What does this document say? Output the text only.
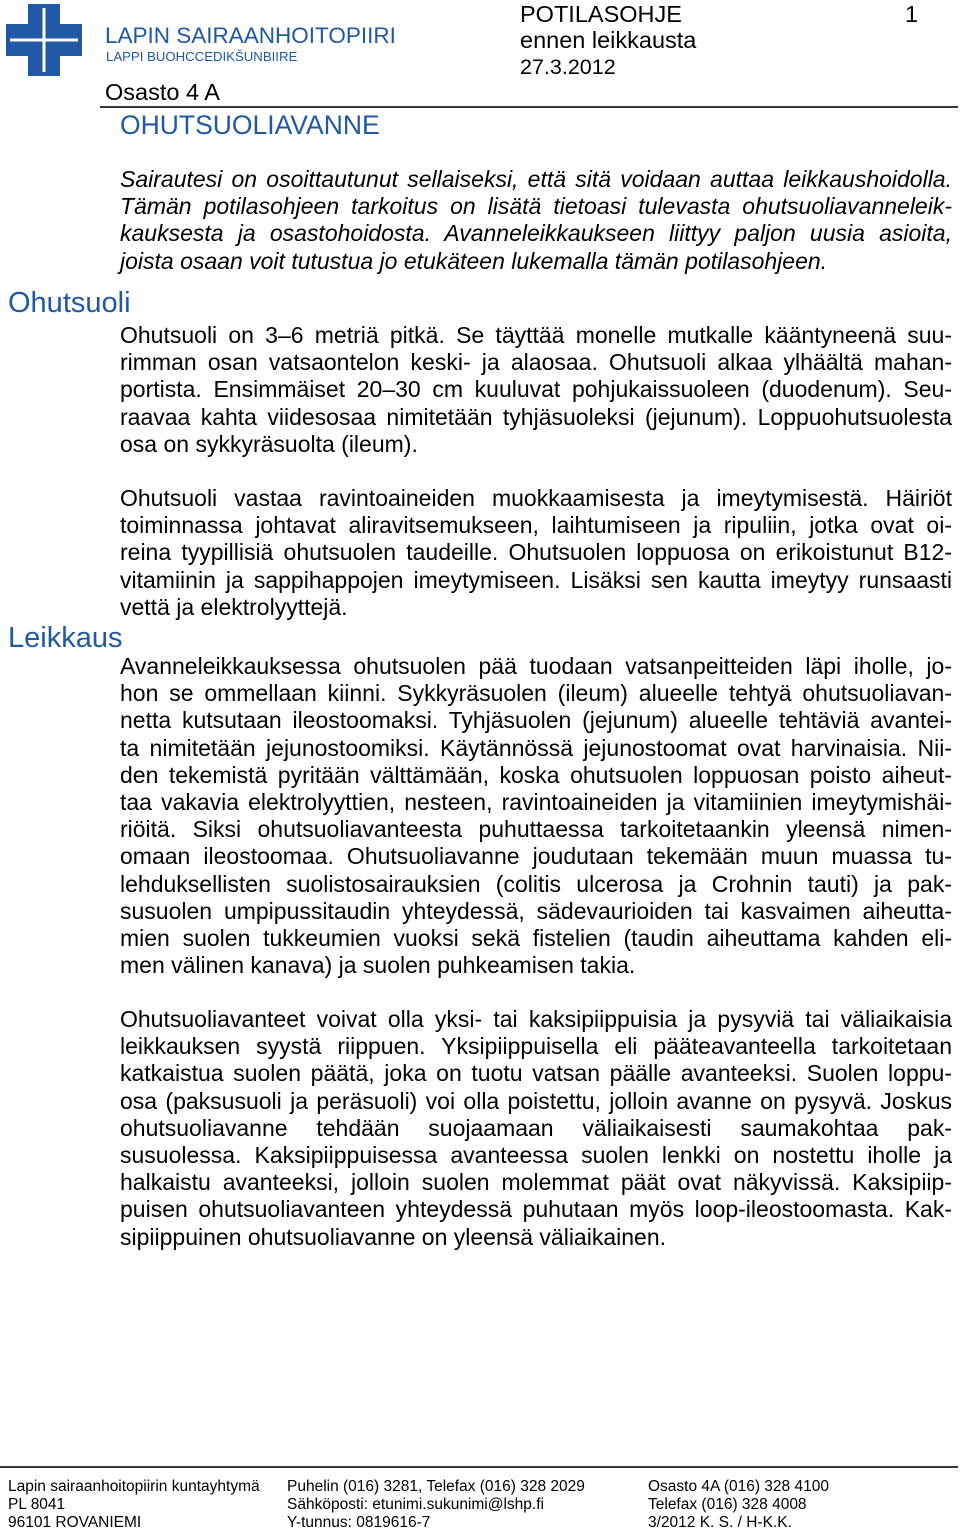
LAPIN SAIRAANHOITOPIIRI
LAPPI BUOHCCEDIKŠUNBIIRE
POTILASOHJE
ennen leikkausta
27.3.2012
1
Osasto 4 A
OHUTSUOLIAVANNE
Sairautesi on osoittautunut sellaiseksi, että sitä voidaan auttaa leikkaushoidolla.
Tämän potilasohjeen tarkoitus on lisätä tietoasi tulevasta ohutsuoliavanneleik-
kauksesta ja osastohoidosta. Avanneleikkaukseen liittyy paljon uusia asioita,
joista osaan voit tutustua jo etukäteen lukemalla tämän potilasohjeen.
Ohutsuoli
Ohutsuoli on 3–6 metriä pitkä. Se täyttää monelle mutkalle kääntyneenä suu-
rimman osan vatsaontelon keski- ja alaosaa. Ohutsuoli alkaa ylhäältä mahan-
portista. Ensimmäiset 20–30 cm kuuluvat pohjukaissuoleen (duodenum). Seu-
raavaa kahta viidesosaa nimitetään tyhjäsuoleksi (jejunum). Loppuohutsuolesta
osa on sykkyräsuolta (ileum).
Ohutsuoli vastaa ravintoaineiden muokkaamisesta ja imeytymisestä. Häiriöt
toiminnassa johtavat aliravitsemukseen, laihtumiseen ja ripuliin, jotka ovat oi-
reina tyypillisiä ohutsuolen taudeille. Ohutsuolen loppuosa on erikoistunut B12-
vitamiinin ja sappihappojen imeytymiseen. Lisäksi sen kautta imeytyy runsaasti
vettä ja elektrolyyttejä.
Leikkaus
Avanneleikkauksessa ohutsuolen pää tuodaan vatsanpeitteiden läpi iholle, jo-
hon se ommellaan kiinni. Sykkyräsuolen (ileum) alueelle tehtyä ohutsuoliavan-
netta kutsutaan ileostoomaksi. Tyhjäsuolen (jejunum) alueelle tehtäviä avantei-
ta nimitetään jejunostoomiksi. Käytännössä jejunostoomat ovat harvinaisia. Nii-
den tekemistä pyritään välttämään, koska ohutsuolen loppuosan poisto aiheut-
taa vakavia elektrolyyttien, nesteen, ravintoaineiden ja vitamiinien imeytymishäi-
riöitä. Siksi ohutsuoliavanteesta puhuttaessa tarkoitetaankin yleensä nimen-
omaan ileostoomaa. Ohutsuoliavanne joudutaan tekemään muun muassa tu-
lehduksellisten suolistosairauksien (colitis ulcerosa ja Crohnin tauti) ja pak-
susuolen umpipussitaudin yhteydessä, sädevaurioiden tai kasvaimen aiheutta-
mien suolen tukkeumien vuoksi sekä fistelien (taudin aiheuttama kahden eli-
men välinen kanava) ja suolen puhkeamisen takia.
Ohutsuoliavanteet voivat olla yksi- tai kaksipiippuisia ja pysyviä tai väliaikaisia
leikkauksen syystä riippuen. Yksipiippuisella eli pääteavanteella tarkoitetaan
katkaistua suolen päätä, joka on tuotu vatsan päälle avanteeksi. Suolen loppu-
osa (paksusuoli ja peräsuoli) voi olla poistettu, jolloin avanne on pysyvä. Joskus
ohutsuoliavanne tehdään suojaamaan väliaikaisesti saumakohtaa pak-
susuolessa. Kaksipiippuisessa avanteessa suolen lenkki on nostettu iholle ja
halkaistu avanteeksi, jolloin suolen molemmat päät ovat näkyvissä. Kaksipiip-
puisen ohutsuoliavanteen yhteydessä puhutaan myös loop-ileostoomasta. Kak-
sipiippuinen ohutsuoliavanne on yleensä väliaikainen.
Lapin sairaanhoitopiirin kuntayhtymä
PL 8041
96101 ROVANIEMI
Puhelin (016) 3281, Telefax (016) 328 2029
Sähköposti: etunimi.sukunimi@lshp.fi
Y-tunnus: 0819616-7
Osasto 4A (016) 328 4100
Telefax (016) 328 4008
3/2012 K. S. / H-K.K.
